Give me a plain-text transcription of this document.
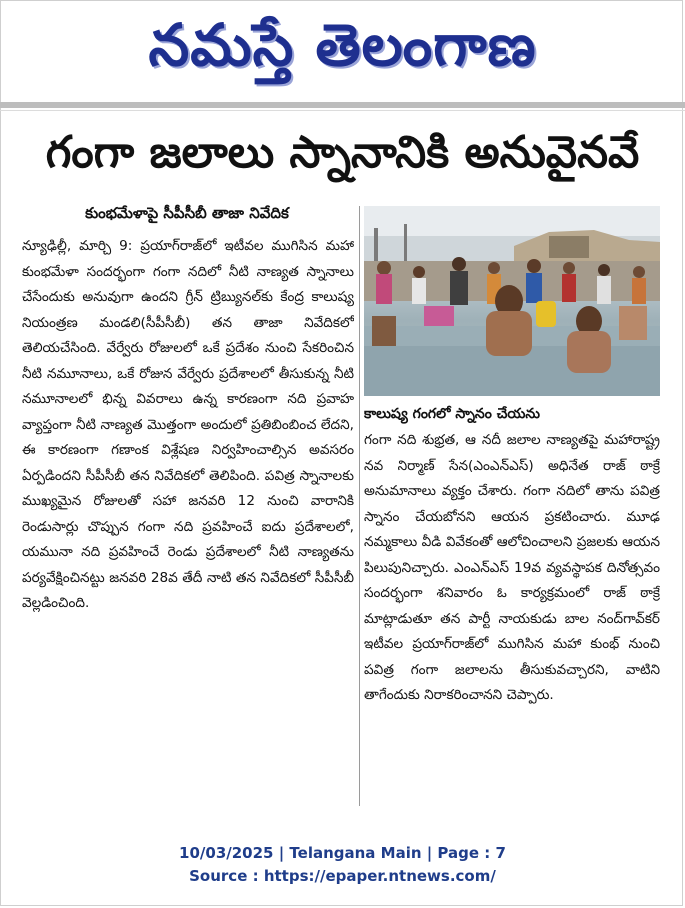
నమస్తే తెలంగాణ
గంగా జలాలు స్నానానికి అనువైనవే
కుంభమేళాపై సీపీసీబీ తాజా నివేదిక
న్యూఢిల్లీ, మార్చి 9: ప్రయాగ్‌రాజ్‌లో ఇటీవల ముగిసిన మహా కుంభమేళా సందర్భంగా గంగా నదిలో నీటి నాణ్యత స్నానాలు చేసేందుకు అనువుగా ఉందని గ్రీన్ ట్రిబ్యునల్‌కు కేంద్ర కాలుష్య నియంత్రణ మండలి(సీపీసీబీ) తన తాజా నివేదికలో తెలియచేసింది. వేర్వేరు రోజులలో ఒకే ప్రదేశం నుంచి సేకరించిన నీటి నమూనాలు, ఒకే రోజున వేర్వేరు ప్రదేశాలలో తీసుకున్న నీటి నమూనాలలో భిన్న వివరాలు ఉన్న కారణంగా నది ప్రవాహ వ్యాప్తంగా నీటి నాణ్యత మొత్తంగా అందులో ప్రతిబింబించ లేదని, ఈ కారణంగా గణాంక విశ్లేషణ నిర్వహించాల్సిన అవసరం ఏర్పడిందని సీపీసీబీ తన నివేదికలో తెలిపింది. పవిత్ర స్నానాలకు ముఖ్యమైన రోజులతో సహా జనవరి 12 నుంచి వారానికి రెండుసార్లు చొప్పున గంగా నది ప్రవహించే ఐదు ప్రదేశాలలో, యమునా నది ప్రవహించే రెండు ప్రదేశాలలో నీటి నాణ్యతను పర్యవేక్షించినట్టు జనవరి 28వ తేదీ నాటి తన నివేదికలో సీపీసీబీ వెల్లడించింది.
కాలుష్య గంగలో స్నానం చేయను
గంగా నది శుభ్రత, ఆ నదీ జలాల నాణ్యతపై మహారాష్ట్ర నవ నిర్మాణ్ సేన(ఎంఎన్ఎస్) అధినేత రాజ్ ఠాక్రే అనుమానాలు వ్యక్తం చేశారు. గంగా నదిలో తాను పవిత్ర స్నానం చేయబోనని ఆయన ప్రకటించారు. మూఢ నమ్మకాలు వీడి వివేకంతో ఆలోచించాలని ప్రజలకు ఆయన పిలుపునిచ్చారు. ఎంఎన్ఎస్ 19వ వ్యవస్థాపక దినోత్సవం సందర్భంగా శనివారం ఓ కార్యక్రమంలో రాజ్ ఠాక్రే మాట్లాడుతూ తన పార్టీ నాయకుడు బాల నంద్‌గావ్‌కర్ ఇటీవల ప్రయాగ్‌రాజ్‌లో ముగిసిన మహా కుంభ్ నుంచి పవిత్ర గంగా జలాలను తీసుకువచ్చారని, వాటిని తాగేందుకు నిరాకరించానని చెప్పారు.
10/03/2025 | Telangana Main | Page : 7
Source : https://epaper.ntnews.com/
